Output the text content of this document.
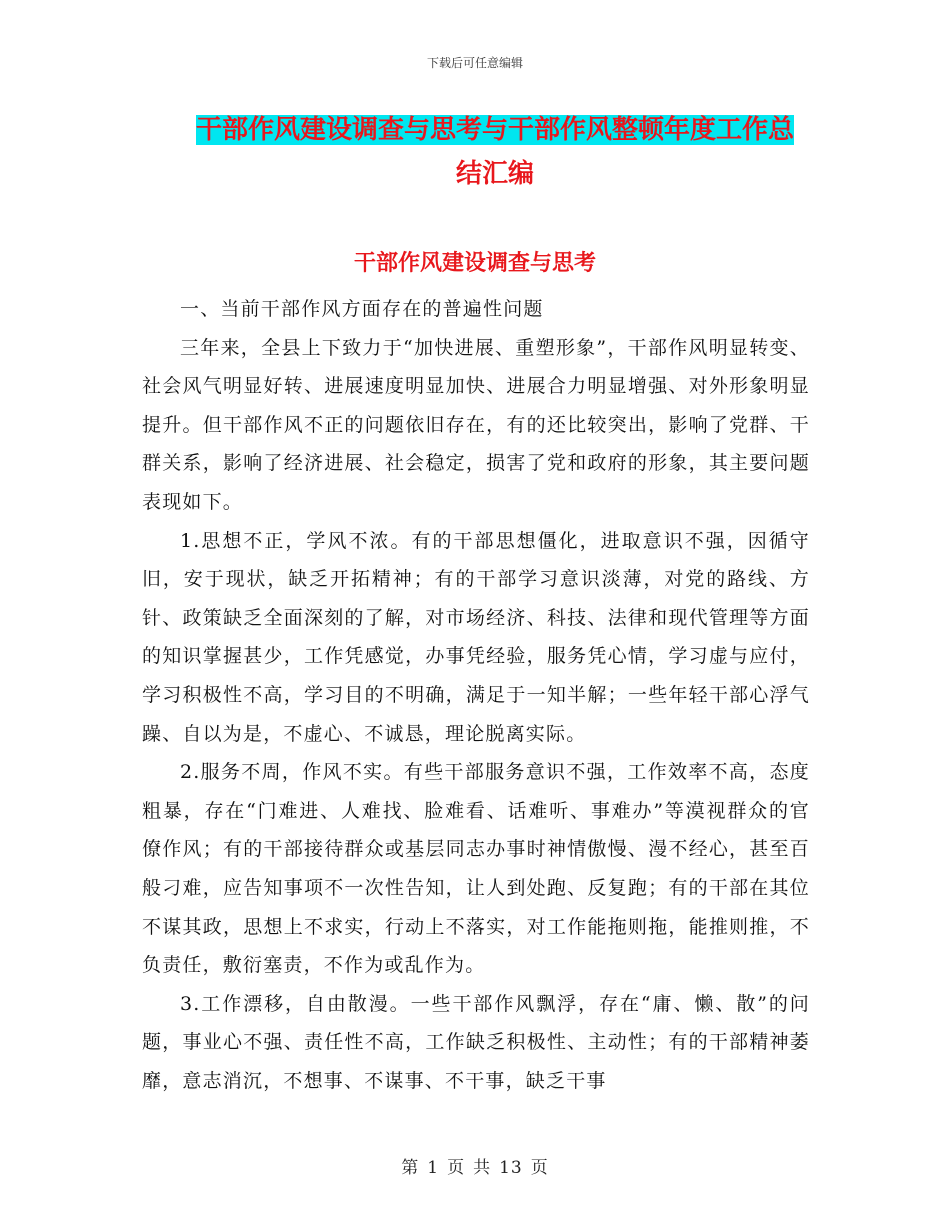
下载后可任意编辑
干部作风建设调查与思考与干部作风整顿年度工作总
结汇编
干部作风建设调查与思考

一、当前干部作风方面存在的普遍性问题

三年来，全县上下致力于“加快进展、重塑形象”，干部作风明显转变、社会风气明显好转、进展速度明显加快、进展合力明显增强、对外形象明显提升。但干部作风不正的问题依旧存在，有的还比较突出，影响了党群、干群关系，影响了经济进展、社会稳定，损害了党和政府的形象，其主要问题表现如下。

1.思想不正，学风不浓。有的干部思想僵化，进取意识不强，因循守旧，安于现状，缺乏开拓精神；有的干部学习意识淡薄，对党的路线、方针、政策缺乏全面深刻的了解，对市场经济、科技、法律和现代管理等方面的知识掌握甚少，工作凭感觉，办事凭经验，服务凭心情，学习虚与应付，学习积极性不高，学习目的不明确，满足于一知半解；一些年轻干部心浮气躁、自以为是，不虚心、不诚恳，理论脱离实际。

2.服务不周，作风不实。有些干部服务意识不强，工作效率不高，态度粗暴，存在“门难进、人难找、脸难看、话难听、事难办”等漠视群众的官僚作风；有的干部接待群众或基层同志办事时神情傲慢、漫不经心，甚至百般刁难，应告知事项不一次性告知，让人到处跑、反复跑；有的干部在其位不谋其政，思想上不求实，行动上不落实，对工作能拖则拖，能推则推，不负责任，敷衍塞责，不作为或乱作为。

3.工作漂移，自由散漫。一些干部作风飘浮，存在“庸、懒、散”的问题，事业心不强、责任性不高，工作缺乏积极性、主动性；有的干部精神萎靡，意志消沉，不想事、不谋事、不干事，缺乏干事

第 1 页 共 13 页
